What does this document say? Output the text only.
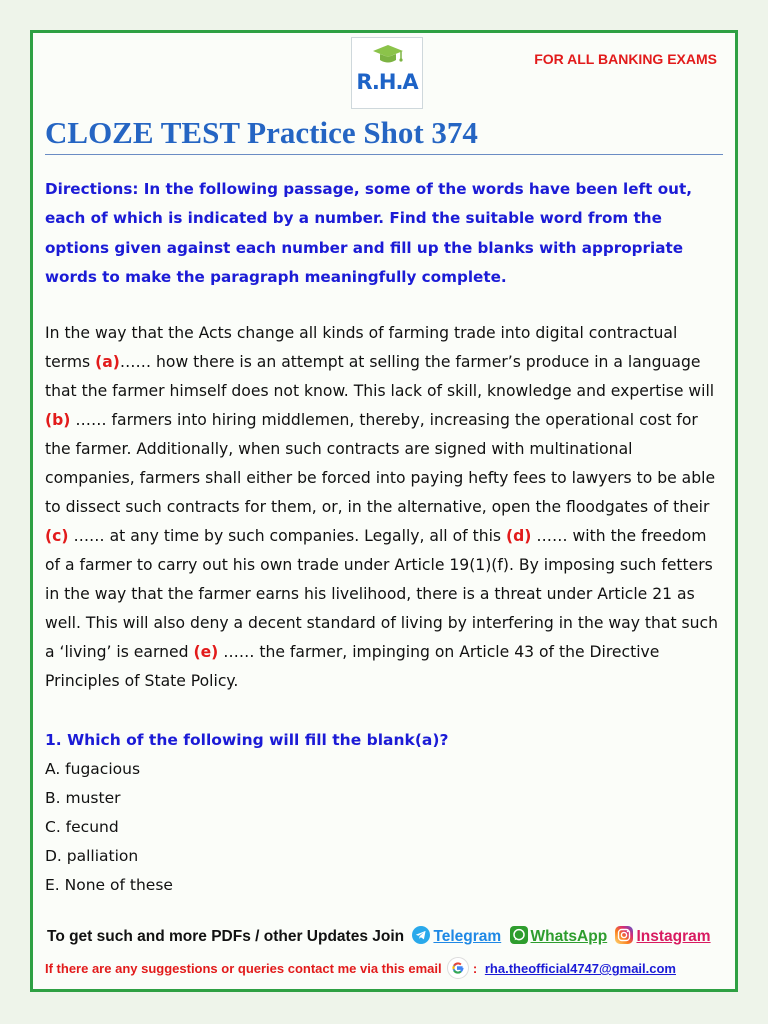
R.H.A
FOR ALL BANKING EXAMS
CLOZE TEST Practice Shot 374

Directions: In the following passage, some of the words have been left out, each of which is indicated by a number. Find the suitable word from the options given against each number and fill up the blanks with appropriate words to make the paragraph meaningfully complete.

In the way that the Acts change all kinds of farming trade into digital contractual terms (a)…… how there is an attempt at selling the farmer’s produce in a language that the farmer himself does not know. This lack of skill, knowledge and expertise will (b) …… farmers into hiring middlemen, thereby, increasing the operational cost for the farmer. Additionally, when such contracts are signed with multinational companies, farmers shall either be forced into paying hefty fees to lawyers to be able to dissect such contracts for them, or, in the alternative, open the floodgates of their (c) …… at any time by such companies. Legally, all of this (d) …… with the freedom of a farmer to carry out his own trade under Article 19(1)(f). By imposing such fetters in the way that the farmer earns his livelihood, there is a threat under Article 21 as well. This will also deny a decent standard of living by interfering in the way that such a ‘living’ is earned (e) …… the farmer, impinging on Article 43 of the Directive Principles of State Policy.

1. Which of the following will fill the blank(a)?

A. fugacious
B. muster
C. fecund
D. palliation
E. None of these
To get such and more PDFs / other Updates Join Telegram WhatsApp Instagram
If there are any suggestions or queries contact me via this email : rha.theofficial4747@gmail.com
